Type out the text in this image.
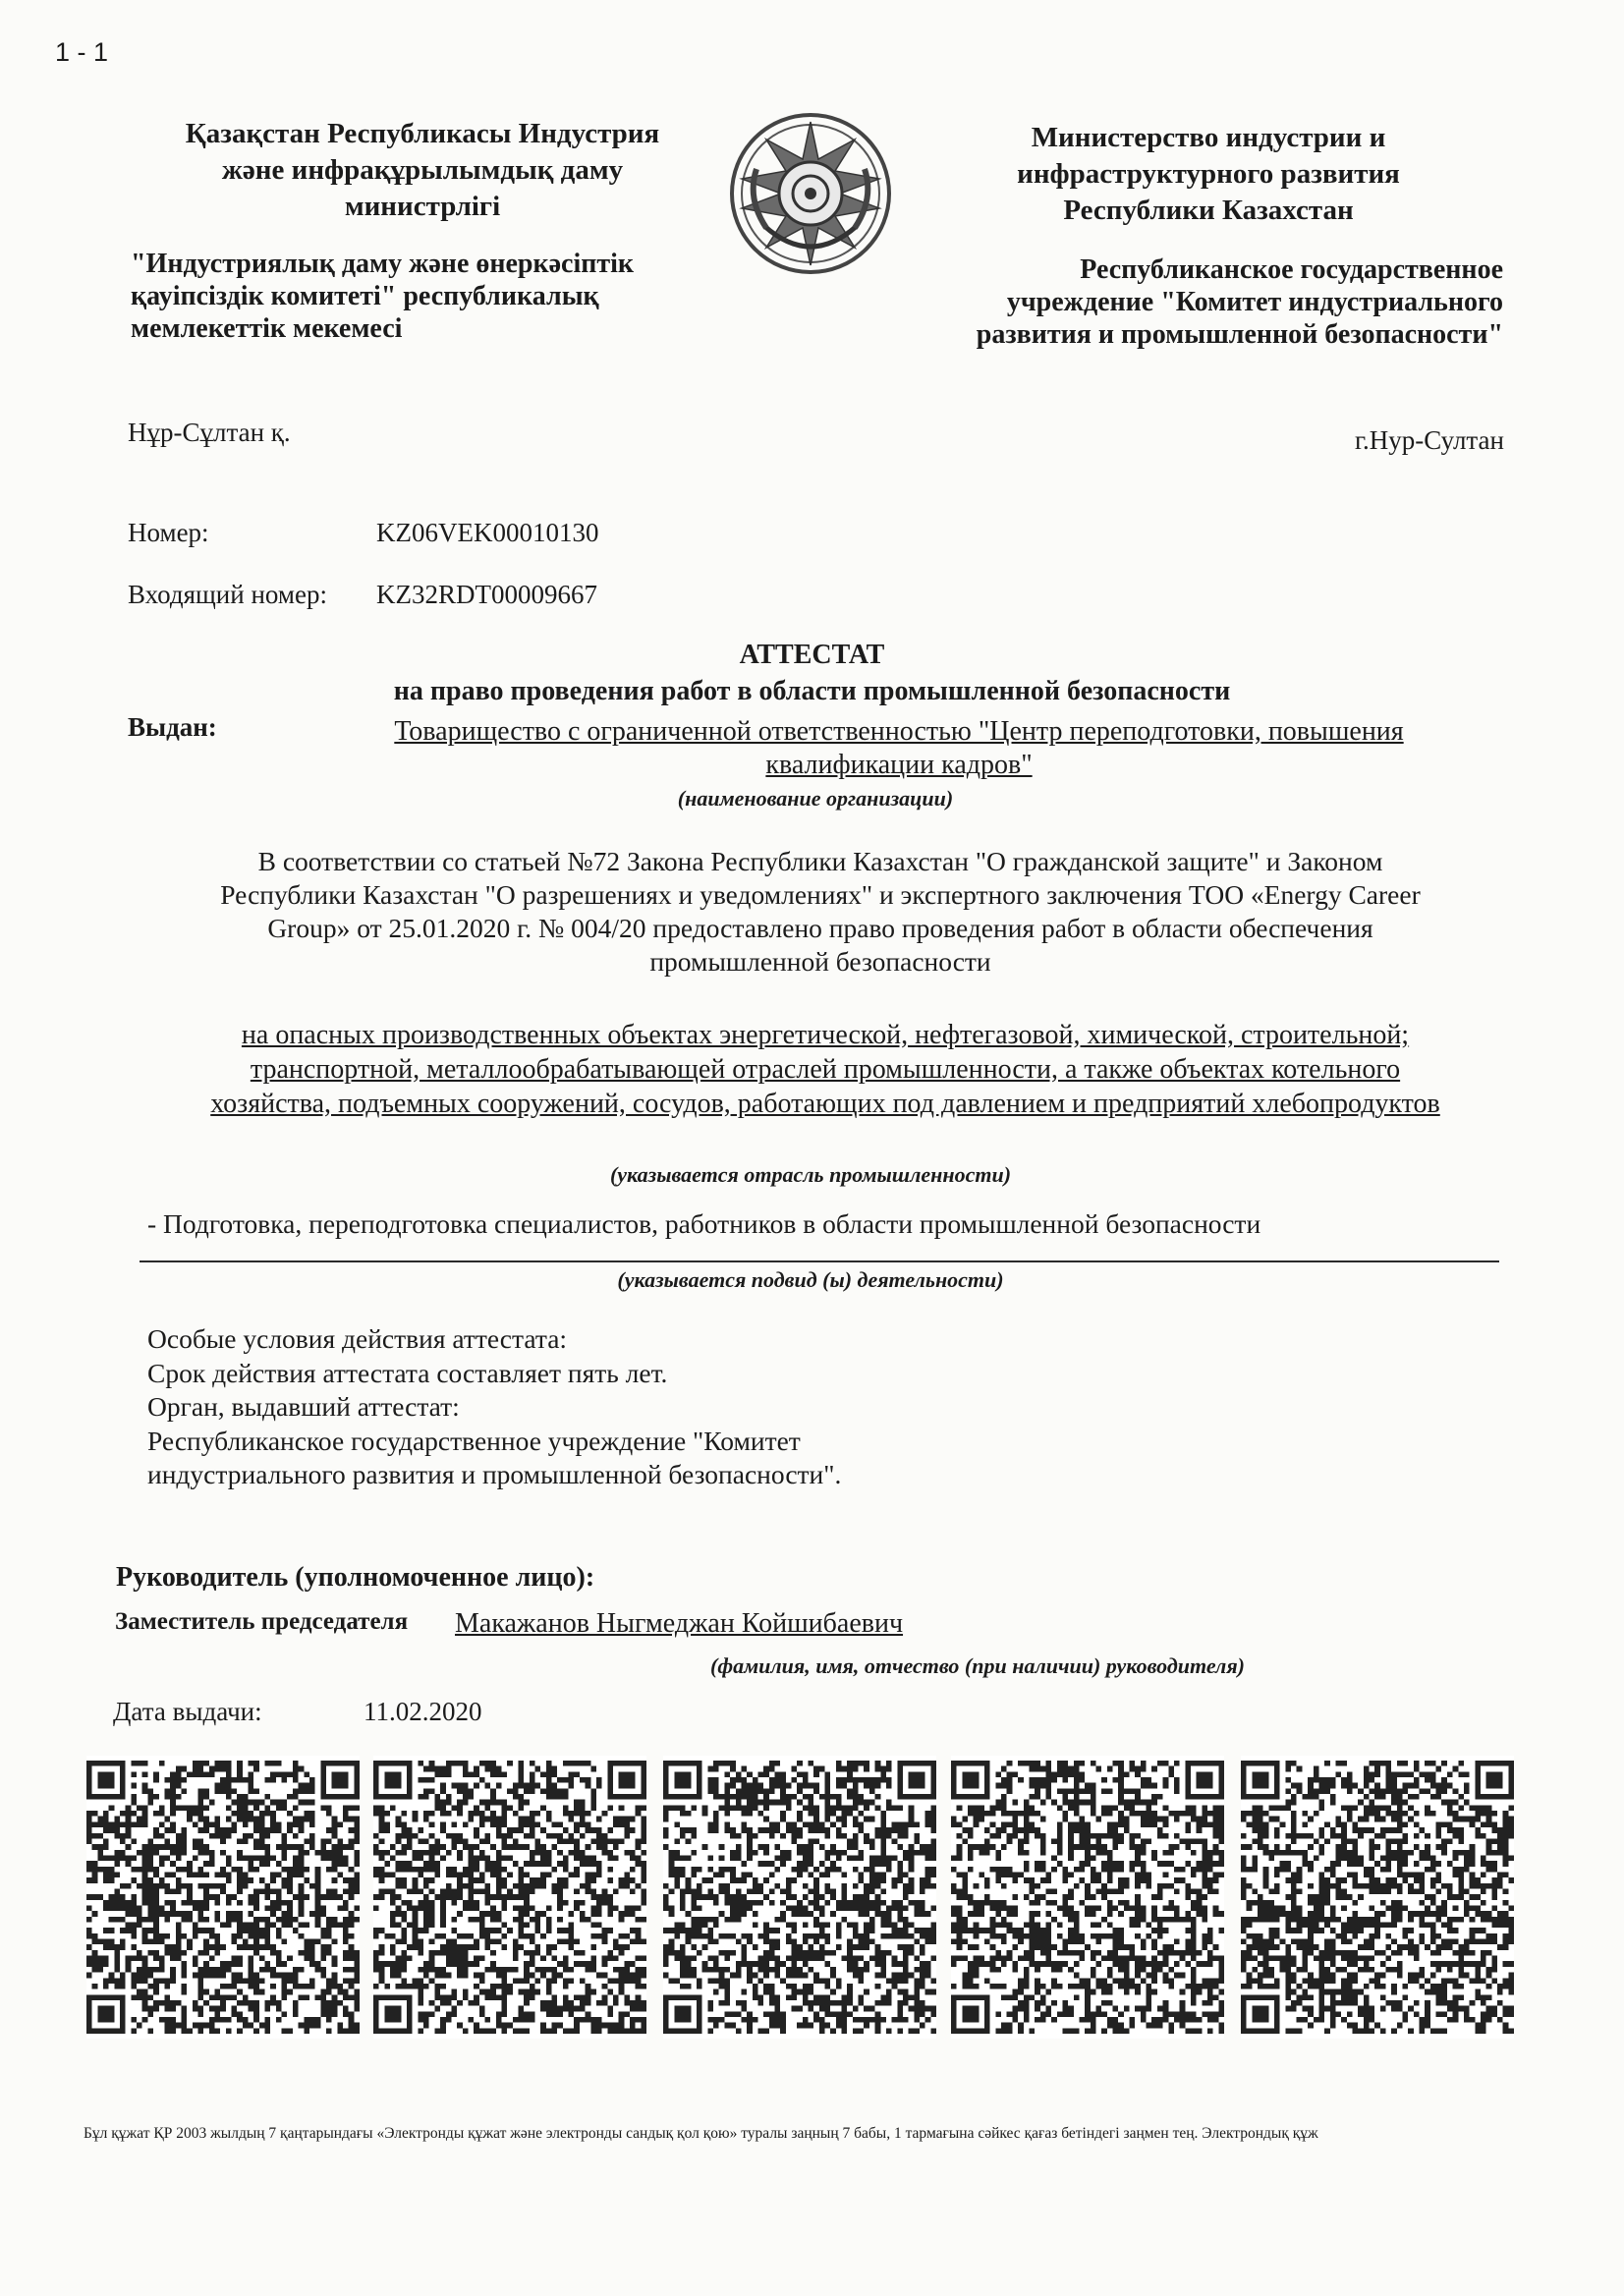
1 - 1
Қазақстан Республикасы Индустрия
және инфрақұрылымдық даму
министрлігі
Министерство индустрии и
инфраструктурного развития
Республики Казахстан
"Индустриялық даму және өнеркәсіптік
қауіпсіздік комитеті" республикалық
мемлекеттік мекемесі
Республиканское государственное
учреждение "Комитет индустриального
развития и промышленной безопасности"
Нұр-Сұлтан қ.	г.Нур-Султан
Номер:	KZ06VEK00010130
Входящий номер: KZ32RDT00009667
АТТЕСТАТ
на право проведения работ в области промышленной безопасности
Выдан:	Товарищество с ограниченной ответственностью "Центр переподготовки, повышения
квалификации кадров"
(наименование организации)
В соответствии со статьей №72 Закона Республики Казахстан "О гражданской защите" и Законом
Республики Казахстан "О разрешениях и уведомлениях" и экспертного заключения ТОО «Energy Career
Group» от 25.01.2020 г. № 004/20 предоставлено право проведения работ в области обеспечения
промышленной безопасности
на опасных производственных объектах энергетической, нефтегазовой, химической, строительной;
транспортной, металлообрабатывающей отраслей промышленности, а также объектах котельного
хозяйства, подъемных сооружений, сосудов, работающих под давлением и предприятий хлебопродуктов
(указывается отрасль промышленности)
- Подготовка, переподготовка специалистов, работников в области промышленной безопасности
(указывается подвид (ы) деятельности)
Особые условия действия аттестата:
Срок действия аттестата составляет пять лет.
Орган, выдавший аттестат:
Республиканское государственное учреждение "Комитет
индустриального развития и промышленной безопасности".
Руководитель (уполномоченное лицо):
Заместитель председателя Макажанов Ныгмеджан Койшибаевич
(фамилия, имя, отчество (при наличии) руководителя)
Дата выдачи:	11.02.2020
Бұл құжат ҚР 2003 жылдың 7 қаңтарындағы «Электронды құжат және электронды сандық қол қою» туралы заңның 7 бабы, 1 тармағына сәйкес қағаз бетіндегі заңмен тең. Электрондық құж
